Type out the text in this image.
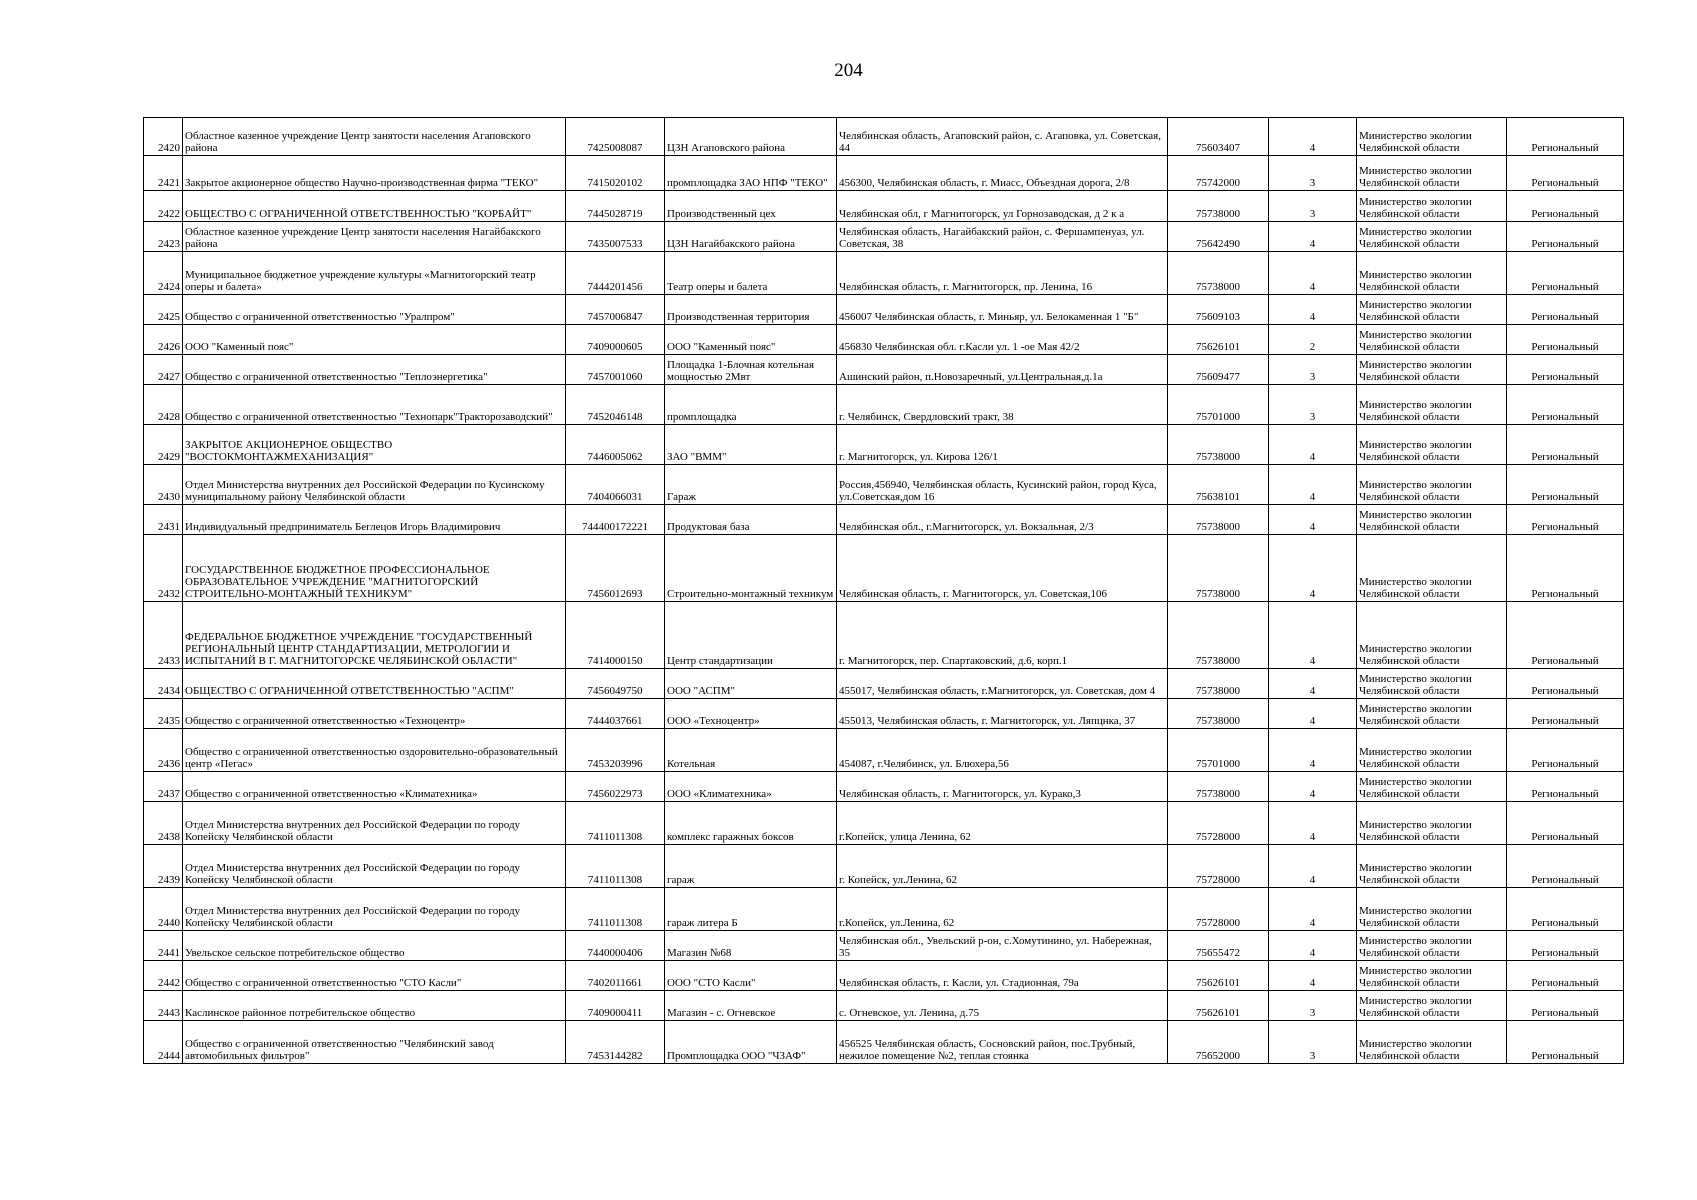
204
2420	Областное казенное учреждение Центр занятости населения Агаповского района	7425008087	ЦЗН Агаповского района	Челябинская область, Агаповский район, с. Агаповка, ул. Советская, 44	75603407	4	Министерство экологии Челябинской области	Региональный
2421	Закрытое акционерное общество Научно-производственная фирма "ТЕКО"	7415020102	промплощадка ЗАО НПФ "ТЕКО"	456300, Челябинская область, г. Миасс, Объездная дорога, 2/8	75742000	3	Министерство экологии Челябинской области	Региональный
2422	ОБЩЕСТВО С ОГРАНИЧЕННОЙ ОТВЕТСТВЕННОСТЬЮ "КОРБАЙТ"	7445028719	Производственный цех	Челябинская обл, г Магнитогорск, ул Горнозаводская, д 2 к а	75738000	3	Министерство экологии Челябинской области	Региональный
2423	Областное казенное учреждение Центр занятости населения Нагайбакского района	7435007533	ЦЗН Нагайбакского района	Челябинская область, Нагайбакский район, с. Фершампенуаз, ул. Советская, 38	75642490	4	Министерство экологии Челябинской области	Региональный
2424	Муниципальное бюджетное учреждение культуры «Магнитогорский театр оперы и балета»	7444201456	Театр оперы и балета	Челябинская область, г. Магнитогорск, пр. Ленина, 16	75738000	4	Министерство экологии Челябинской области	Региональный
2425	Общество с ограниченной ответственностью "Уралпром"	7457006847	Производственная территория	456007 Челябинская область, г. Миньяр, ул. Белокаменная 1 "Б"	75609103	4	Министерство экологии Челябинской области	Региональный
2426	ООО "Каменный пояс"	7409000605	ООО "Каменный пояс"	456830 Челябинская обл. г.Касли ул. 1 -ое Мая 42/2	75626101	2	Министерство экологии Челябинской области	Региональный
2427	Общество с ограниченной ответственностью "Теплоэнергетика"	7457001060	Площадка 1-Блочная котельная мощностью 2Мвт	Ашинский район, п.Новозаречный, ул.Центральная,д.1а	75609477	3	Министерство экологии Челябинской области	Региональный
2428	Общество с ограниченной ответственностью "Технопарк"Тракторозаводский"	7452046148	промплощадка	г. Челябинск, Свердловский тракт, 38	75701000	3	Министерство экологии Челябинской области	Региональный
2429	ЗАКРЫТОЕ АКЦИОНЕРНОЕ ОБЩЕСТВО "ВОСТОКМОНТАЖМЕХАНИЗАЦИЯ"	7446005062	ЗАО "ВММ"	г. Магнитогорск, ул. Кирова 126/1	75738000	4	Министерство экологии Челябинской области	Региональный
2430	Отдел Министерства внутренних дел Российской Федерации по Кусинскому муниципальному району Челябинской области	7404066031	Гараж	Россия,456940, Челябинская область, Кусинский район, город Куса, ул.Советская,дом 16	75638101	4	Министерство экологии Челябинской области	Региональный
2431	Индивидуальный предприниматель Беглецов Игорь Владимирович	744400172221	Продуктовая база	Челябинская обл., г.Магнитогорск, ул. Вокзальная, 2/3	75738000	4	Министерство экологии Челябинской области	Региональный
2432	ГОСУДАРСТВЕННОЕ БЮДЖЕТНОЕ ПРОФЕССИОНАЛЬНОЕ ОБРАЗОВАТЕЛЬНОЕ УЧРЕЖДЕНИЕ "МАГНИТОГОРСКИЙ СТРОИТЕЛЬНО-МОНТАЖНЫЙ ТЕХНИКУМ"	7456012693	Строительно-монтажный техникум	Челябинская область, г. Магнитогорск, ул. Советская,106	75738000	4	Министерство экологии Челябинской области	Региональный
2433	ФЕДЕРАЛЬНОЕ БЮДЖЕТНОЕ УЧРЕЖДЕНИЕ "ГОСУДАРСТВЕННЫЙ РЕГИОНАЛЬНЫЙ ЦЕНТР СТАНДАРТИЗАЦИИ, МЕТРОЛОГИИ И ИСПЫТАНИЙ В Г. МАГНИТОГОРСКЕ ЧЕЛЯБИНСКОЙ ОБЛАСТИ"	7414000150	Центр стандартизации	г. Магнитогорск, пер. Спартаковский, д.6, корп.1	75738000	4	Министерство экологии Челябинской области	Региональный
2434	ОБЩЕСТВО С ОГРАНИЧЕННОЙ ОТВЕТСТВЕННОСТЬЮ "АСПМ"	7456049750	ООО "АСПМ"	455017, Челябинская область, г.Магнитогорск, ул. Советская, дом 4	75738000	4	Министерство экологии Челябинской области	Региональный
2435	Общество с ограниченной ответственностью «Техноцентр»	7444037661	ООО «Техноцентр»	455013, Челябинская область, г. Магнитогорск, ул. Ляпцнка, 37	75738000	4	Министерство экологии Челябинской области	Региональный
2436	Общество с ограниченной ответственностью оздоровительно-образовательный центр «Пегас»	7453203996	Котельная	454087, г.Челябинск, ул. Блюхера,56	75701000	4	Министерство экологии Челябинской области	Региональный
2437	Общество с ограниченной ответственностью «Климатехника»	7456022973	ООО «Климатехника»	Челябинская область, г. Магнитогорск, ул. Курако,3	75738000	4	Министерство экологии Челябинской области	Региональный
2438	Отдел Министерства внутренних дел Российской Федерации по городу Копейску Челябинской области	7411011308	комплекс гаражных боксов	г.Копейск, улица Ленина, 62	75728000	4	Министерство экологии Челябинской области	Региональный
2439	Отдел Министерства внутренних дел Российской Федерации по городу Копейску Челябинской области	7411011308	гараж	г. Копейск, ул.Ленина, 62	75728000	4	Министерство экологии Челябинской области	Региональный
2440	Отдел Министерства внутренних дел Российской Федерации по городу Копейску Челябинской области	7411011308	гараж литера Б	г.Копейск, ул.Ленина, 62	75728000	4	Министерство экологии Челябинской области	Региональный
2441	Увельское сельское потребительское общество	7440000406	Магазин №68	Челябинская обл., Увельский р-он, с.Хомутинино, ул. Набережная, 35	75655472	4	Министерство экологии Челябинской области	Региональный
2442	Общество с ограниченной ответственностью "СТО Касли"	7402011661	ООО "СТО Касли"	Челябинская область, г. Касли, ул. Стадионная, 79а	75626101	4	Министерство экологии Челябинской области	Региональный
2443	Каслинское районное потребительское общество	7409000411	Магазин - с. Огневское	с. Огневское, ул. Ленина, д.75	75626101	3	Министерство экологии Челябинской области	Региональный
2444	Общество с ограниченной ответственностью "Челябинский завод автомобильных фильтров"	7453144282	Промплощадка ООО "ЧЗАФ"	456525 Челябинская область, Сосновский район, пос.Трубный, нежилое помещение №2, теплая стоянка	75652000	3	Министерство экологии Челябинской области	Региональный
